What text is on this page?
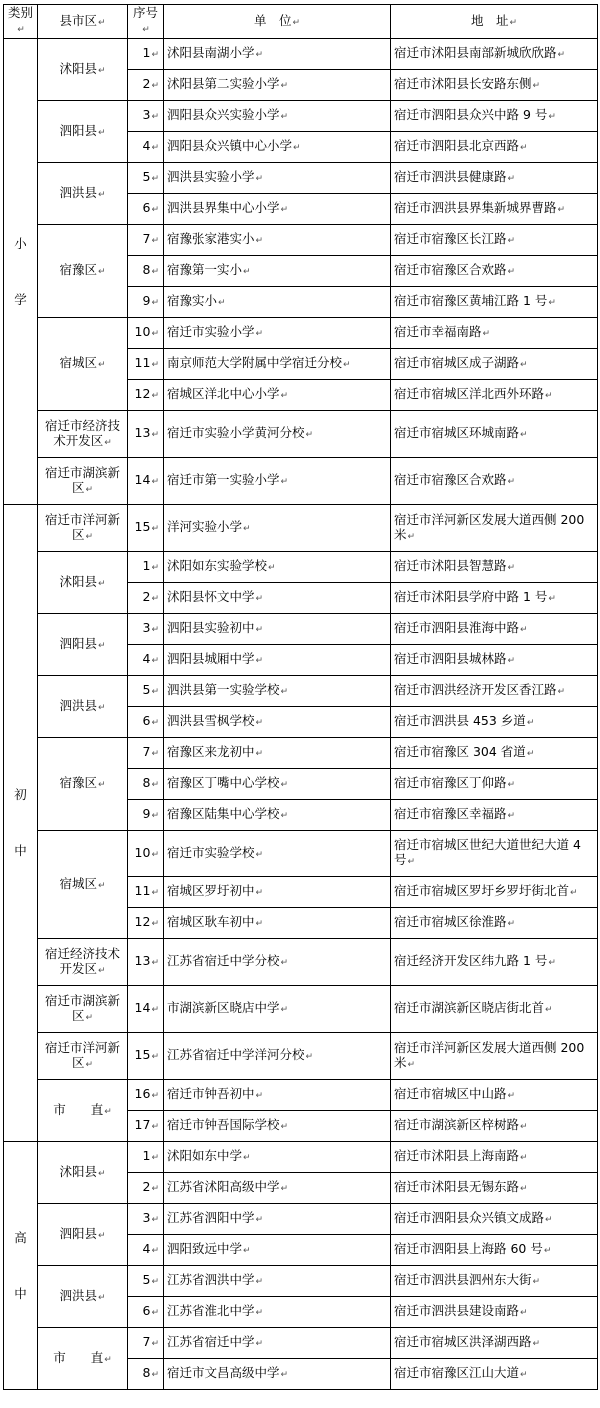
类别↵	县市区↵	序号↵	单　位↵	地　址↵
小学	沭阳县↵	1↵	沭阳县南湖小学↵	宿迁市沭阳县南部新城欣欣路↵
		2↵	沭阳县第二实验小学↵	宿迁市沭阳县长安路东侧↵
	泗阳县↵	3↵	泗阳县众兴实验小学↵	宿迁市泗阳县众兴中路 9 号↵
		4↵	泗阳县众兴镇中心小学↵	宿迁市泗阳县北京西路↵
	泗洪县↵	5↵	泗洪县实验小学↵	宿迁市泗洪县健康路↵
		6↵	泗洪县界集中心小学↵	宿迁市泗洪县界集新城界曹路↵
	宿豫区↵	7↵	宿豫张家港实小↵	宿迁市宿豫区长江路↵
		8↵	宿豫第一实小↵	宿迁市宿豫区合欢路↵
		9↵	宿豫实小↵	宿迁市宿豫区黄埔江路 1 号↵
	宿城区↵	10↵	宿迁市实验小学↵	宿迁市幸福南路↵
		11↵	南京师范大学附属中学宿迁分校↵	宿迁市宿城区成子湖路↵
		12↵	宿城区洋北中心小学↵	宿迁市宿城区洋北西外环路↵
	宿迁市经济技术开发区↵	13↵	宿迁市实验小学黄河分校↵	宿迁市宿城区环城南路↵
	宿迁市湖滨新区↵	14↵	宿迁市第一实验小学↵	宿迁市宿豫区合欢路↵
初中	宿迁市洋河新区↵	15↵	洋河实验小学↵	宿迁市洋河新区发展大道西侧 200 米↵
	沭阳县↵	1↵	沭阳如东实验学校↵	宿迁市沭阳县智慧路↵
		2↵	沭阳县怀文中学↵	宿迁市沭阳县学府中路 1 号↵
	泗阳县↵	3↵	泗阳县实验初中↵	宿迁市泗阳县淮海中路↵
		4↵	泗阳县城厢中学↵	宿迁市泗阳县城林路↵
	泗洪县↵	5↵	泗洪县第一实验学校↵	宿迁市泗洪经济开发区香江路↵
		6↵	泗洪县雪枫学校↵	宿迁市泗洪县 453 乡道↵
	宿豫区↵	7↵	宿豫区来龙初中↵	宿迁市宿豫区 304 省道↵
		8↵	宿豫区丁嘴中心学校↵	宿迁市宿豫区丁仰路↵
		9↵	宿豫区陆集中心学校↵	宿迁市宿豫区幸福路↵
	宿城区↵	10↵	宿迁市实验学校↵	宿迁市宿城区世纪大道世纪大道 4 号↵
		11↵	宿城区罗圩初中↵	宿迁市宿城区罗圩乡罗圩街北首↵
		12↵	宿城区耿车初中↵	宿迁市宿城区徐淮路↵
	宿迁经济技术开发区↵	13↵	江苏省宿迁中学分校↵	宿迁经济开发区纬九路 1 号↵
	宿迁市湖滨新区↵	14↵	市湖滨新区晓店中学↵	宿迁市湖滨新区晓店街北首↵
	宿迁市洋河新区↵	15↵	江苏省宿迁中学洋河分校↵	宿迁市洋河新区发展大道西侧 200 米↵
	市　　直↵	16↵	宿迁市钟吾初中↵	宿迁市宿城区中山路↵
		17↵	宿迁市钟吾国际学校↵	宿迁市湖滨新区梓树路↵
高中	沭阳县↵	1↵	沭阳如东中学↵	宿迁市沭阳县上海南路↵
		2↵	江苏省沭阳高级中学↵	宿迁市沭阳县无锡东路↵
	泗阳县↵	3↵	江苏省泗阳中学↵	宿迁市泗阳县众兴镇文成路↵
		4↵	泗阳致远中学↵	宿迁市泗阳县上海路 60 号↵
	泗洪县↵	5↵	江苏省泗洪中学↵	宿迁市泗洪县泗州东大街↵
		6↵	江苏省淮北中学↵	宿迁市泗洪县建设南路↵
	市　　直↵	7↵	江苏省宿迁中学↵	宿迁市宿城区洪泽湖西路↵
		8↵	宿迁市文昌高级中学↵	宿迁市宿豫区江山大道↵
